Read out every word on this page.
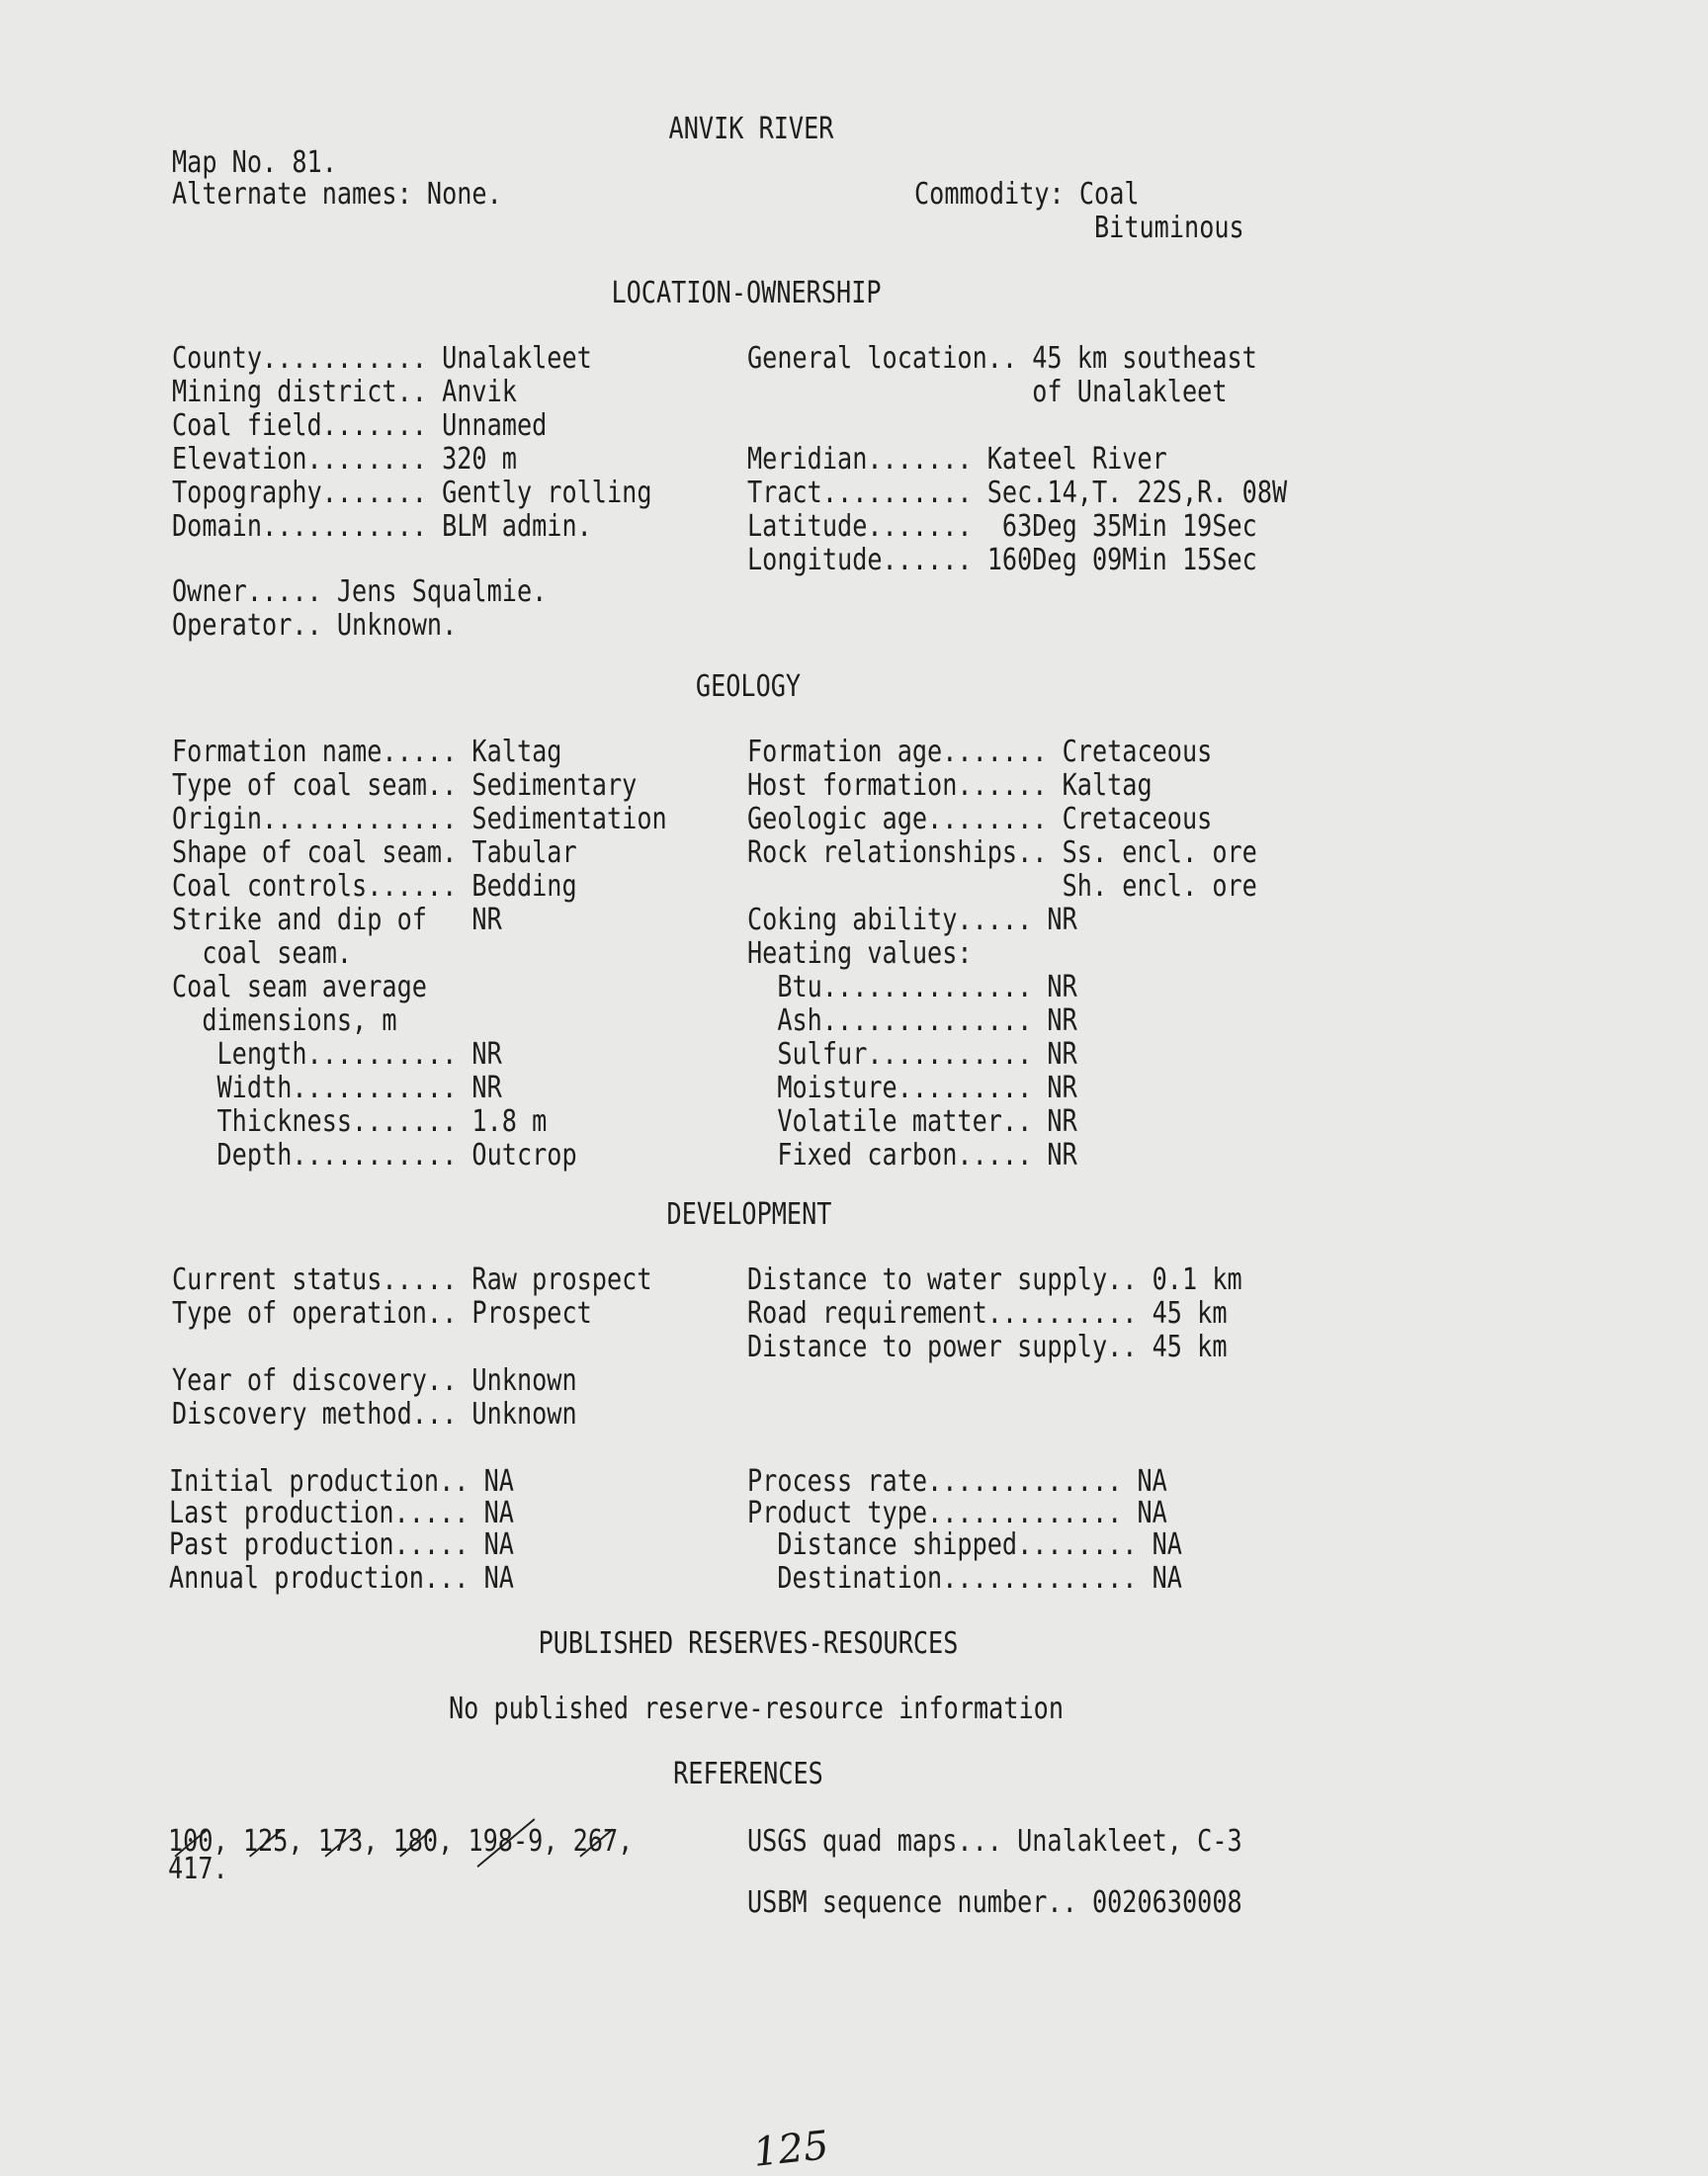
ANVIK RIVER
Map No. 81.
Alternate names: None.	Commodity: Coal
Bituminous
LOCATION-OWNERSHIP
County........... Unalakleet
Mining district.. Anvik
Coal field....... Unnamed
Elevation........ 320 m
Topography....... Gently rolling
Domain........... BLM admin.
General location.. 45 km southeast
of Unalakleet
Meridian....... Kateel River
Tract.......... Sec.14,T. 22S,R. 08W
Latitude.......  63Deg 35Min 19Sec
Longitude...... 160Deg 09Min 15Sec
Owner..... Jens Squalmie.
Operator.. Unknown.
GEOLOGY
Formation name..... Kaltag
Type of coal seam.. Sedimentary
Origin............. Sedimentation
Shape of coal seam. Tabular
Coal controls...... Bedding
Strike and dip of   NR
coal seam.
Coal seam average
dimensions, m
Length.......... NR
Width........... NR
Thickness....... 1.8 m
Depth........... Outcrop
Formation age....... Cretaceous
Host formation...... Kaltag
Geologic age........ Cretaceous
Rock relationships.. Ss. encl. ore
Sh. encl. ore
Coking ability..... NR
Heating values:
Btu.............. NR
Ash.............. NR
Sulfur........... NR
Moisture......... NR
Volatile matter.. NR
Fixed carbon..... NR
DEVELOPMENT
Current status..... Raw prospect
Type of operation.. Prospect
Year of discovery.. Unknown
Discovery method... Unknown
Distance to water supply.. 0.1 km
Road requirement.......... 45 km
Distance to power supply.. 45 km
Initial production.. NA
Last production..... NA
Past production..... NA
Annual production... NA
Process rate............. NA
Product type............. NA
Distance shipped........ NA
Destination............. NA
PUBLISHED RESERVES-RESOURCES
No published reserve-resource information
REFERENCES
100, 125, 173, 180, 198-9, 267,
417.
USGS quad maps... Unalakleet, C-3
USBM sequence number.. 0020630008
125
